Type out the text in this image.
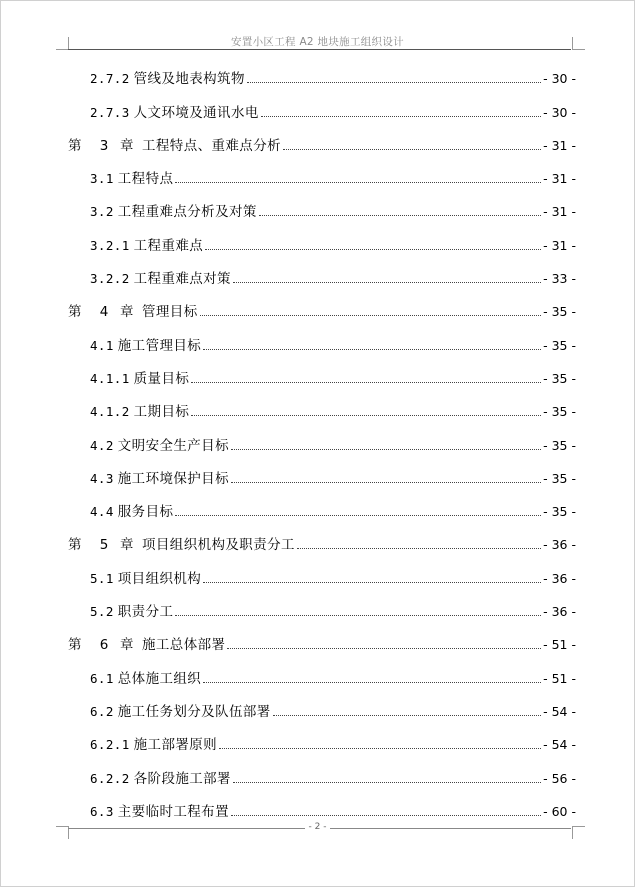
安置小区工程 A2 地块施工组织设计
2.7.2 管线及地表构筑物	- 30 -
2.7.3 人文环境及通讯水电	- 30 -
第 3 章 工程特点、重难点分析	- 31 -
3.1 工程特点	- 31 -
3.2 工程重难点分析及对策	- 31 -
3.2.1 工程重难点	- 31 -
3.2.2 工程重难点对策	- 33 -
第 4 章 管理目标	- 35 -
4.1 施工管理目标	- 35 -
4.1.1 质量目标	- 35 -
4.1.2 工期目标	- 35 -
4.2 文明安全生产目标	- 35 -
4.3 施工环境保护目标	- 35 -
4.4 服务目标	- 35 -
第 5 章 项目组织机构及职责分工	- 36 -
5.1 项目组织机构	- 36 -
5.2 职责分工	- 36 -
第 6 章 施工总体部署	- 51 -
6.1 总体施工组织	- 51 -
6.2 施工任务划分及队伍部署	- 54 -
6.2.1 施工部署原则	- 54 -
6.2.2 各阶段施工部署	- 56 -
6.3 主要临时工程布置	- 60 -
- 2 -
